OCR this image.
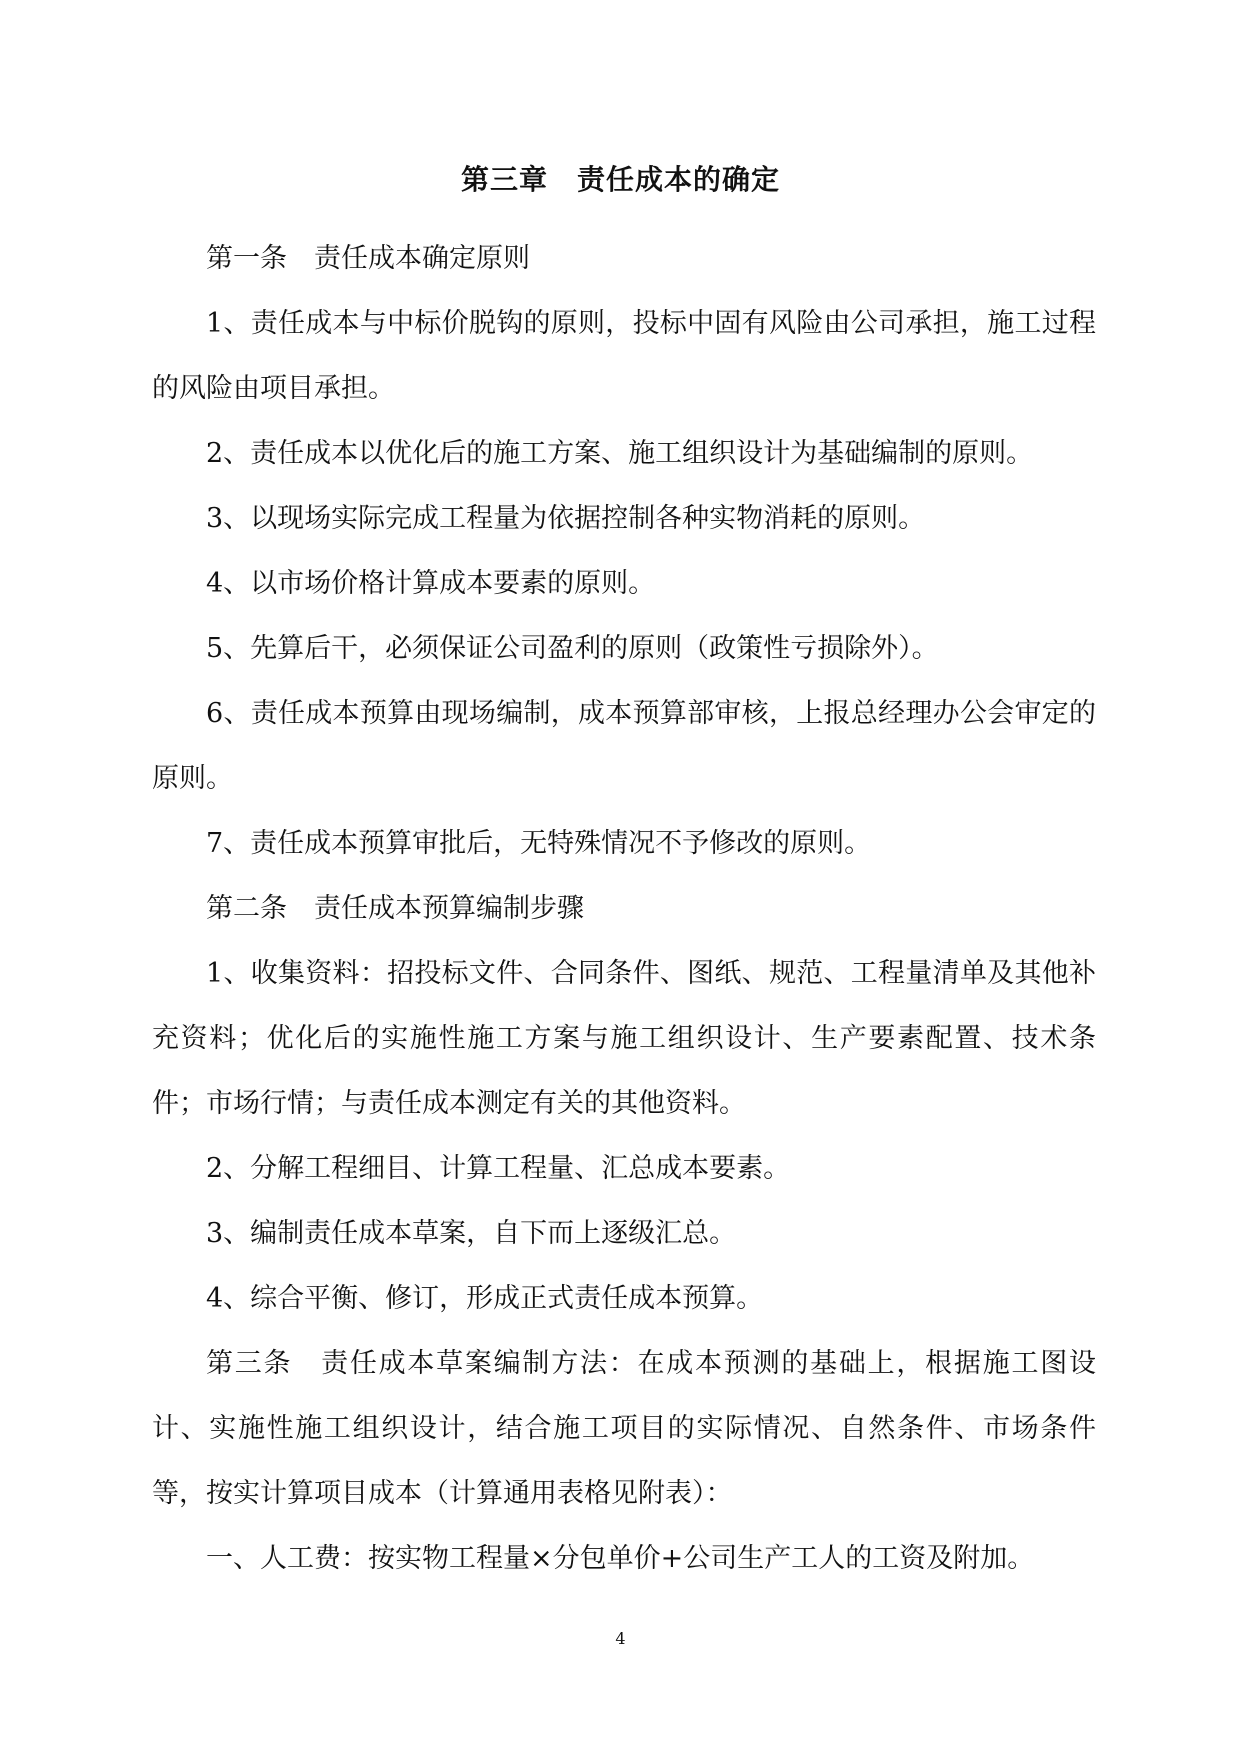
第三章　责任成本的确定

第一条　责任成本确定原则

1、责任成本与中标价脱钩的原则，投标中固有风险由公司承担，施工过程的风险由项目承担。

2、责任成本以优化后的施工方案、施工组织设计为基础编制的原则。

3、以现场实际完成工程量为依据控制各种实物消耗的原则。

4、以市场价格计算成本要素的原则。

5、先算后干，必须保证公司盈利的原则（政策性亏损除外）。

6、责任成本预算由现场编制，成本预算部审核，上报总经理办公会审定的原则。

7、责任成本预算审批后，无特殊情况不予修改的原则。

第二条　责任成本预算编制步骤

1、收集资料：招投标文件、合同条件、图纸、规范、工程量清单及其他补充资料；优化后的实施性施工方案与施工组织设计、生产要素配置、技术条件；市场行情；与责任成本测定有关的其他资料。

2、分解工程细目、计算工程量、汇总成本要素。

3、编制责任成本草案，自下而上逐级汇总。

4、综合平衡、修订，形成正式责任成本预算。

第三条　责任成本草案编制方法：在成本预测的基础上，根据施工图设计、实施性施工组织设计，结合施工项目的实际情况、自然条件、市场条件等，按实计算项目成本（计算通用表格见附表）：

一、人工费：按实物工程量×分包单价+公司生产工人的工资及附加。

4
